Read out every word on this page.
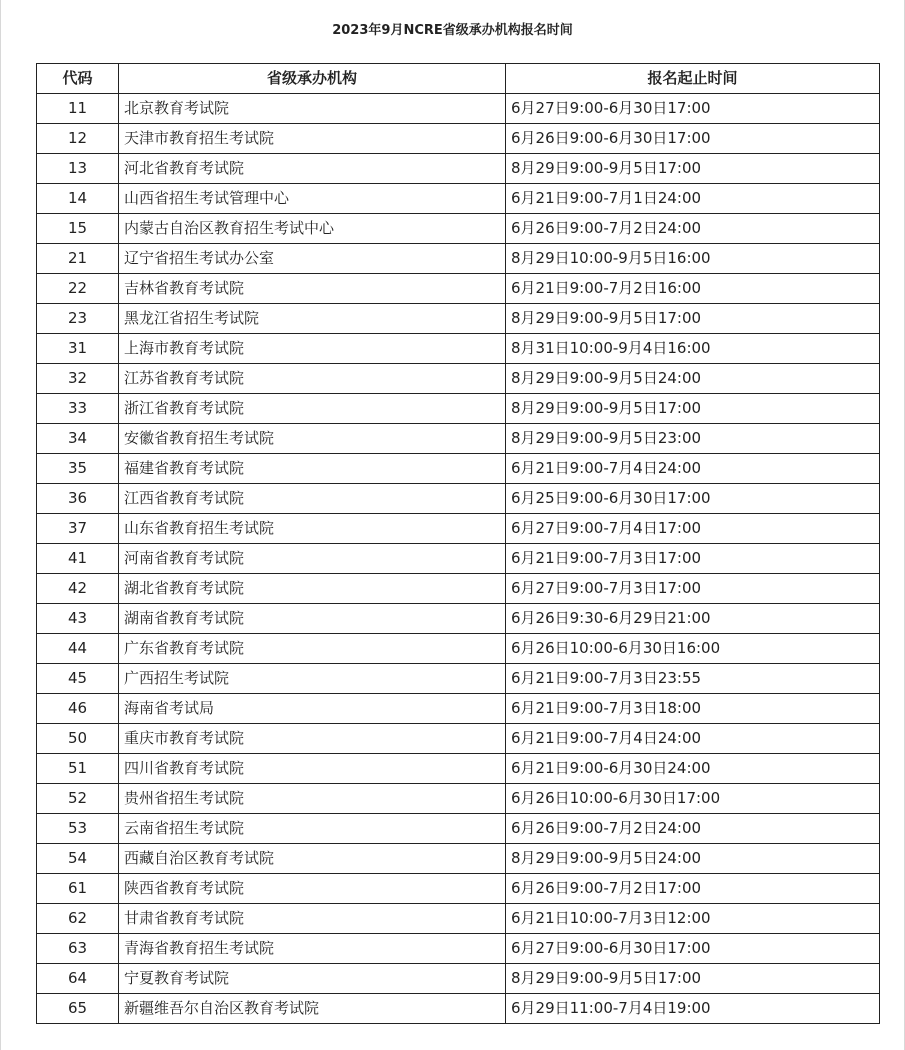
2023年9月NCRE省级承办机构报名时间
代码	省级承办机构	报名起止时间
11	北京教育考试院	6月27日9:00-6月30日17:00
12	天津市教育招生考试院	6月26日9:00-6月30日17:00
13	河北省教育考试院	8月29日9:00-9月5日17:00
14	山西省招生考试管理中心	6月21日9:00-7月1日24:00
15	内蒙古自治区教育招生考试中心	6月26日9:00-7月2日24:00
21	辽宁省招生考试办公室	8月29日10:00-9月5日16:00
22	吉林省教育考试院	6月21日9:00-7月2日16:00
23	黑龙江省招生考试院	8月29日9:00-9月5日17:00
31	上海市教育考试院	8月31日10:00-9月4日16:00
32	江苏省教育考试院	8月29日9:00-9月5日24:00
33	浙江省教育考试院	8月29日9:00-9月5日17:00
34	安徽省教育招生考试院	8月29日9:00-9月5日23:00
35	福建省教育考试院	6月21日9:00-7月4日24:00
36	江西省教育考试院	6月25日9:00-6月30日17:00
37	山东省教育招生考试院	6月27日9:00-7月4日17:00
41	河南省教育考试院	6月21日9:00-7月3日17:00
42	湖北省教育考试院	6月27日9:00-7月3日17:00
43	湖南省教育考试院	6月26日9:30-6月29日21:00
44	广东省教育考试院	6月26日10:00-6月30日16:00
45	广西招生考试院	6月21日9:00-7月3日23:55
46	海南省考试局	6月21日9:00-7月3日18:00
50	重庆市教育考试院	6月21日9:00-7月4日24:00
51	四川省教育考试院	6月21日9:00-6月30日24:00
52	贵州省招生考试院	6月26日10:00-6月30日17:00
53	云南省招生考试院	6月26日9:00-7月2日24:00
54	西藏自治区教育考试院	8月29日9:00-9月5日24:00
61	陕西省教育考试院	6月26日9:00-7月2日17:00
62	甘肃省教育考试院	6月21日10:00-7月3日12:00
63	青海省教育招生考试院	6月27日9:00-6月30日17:00
64	宁夏教育考试院	8月29日9:00-9月5日17:00
65	新疆维吾尔自治区教育考试院	6月29日11:00-7月4日19:00
